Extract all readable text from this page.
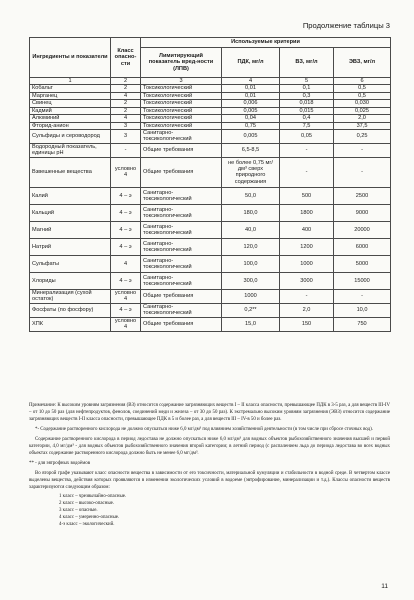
Продолжение таблицы 3
Ингредиенты и показатели	Класс опасно-сти	Используемые критерии			
		Лимитирующий показатель вред-ности (ЛПВ)	ПДК, мг/л	ВЗ, мг/л	ЭВЗ, мг/л
1	2	3	4	5	6
Кобальт	2	Токсикологический	0,01	0,1	0,5
Марганец	4	Токсикологический	0,01	0,3	0,5
Свинец	2	Токсикологический	0,006	0,018	0,030
Кадмий	2	Токсикологический	0,005	0,015	0,025
Алюминий	4	Токсикологический	0,04	0,4	2,0
Фторид-анион	3	Токсикологический	0,75	7,5	37,5
Сульфиды и сероводород	3	Санитарно-токсикологический	0,005	0,05	0,25
Водородный показатель, единицы рН	-	Общие требования	6,5-8,5	-	-
Взвешенные вещества	условно 4	Общие требования	не более 0,75 мг/дм³ сверх природного содержания	-	-
Калий	4 – э	Санитарно-токсикологический	50,0	500	2500
Кальций	4 – э	Санитарно-токсикологический	180,0	1800	9000
Магний	4 – э	Санитарно-токсикологический	40,0	400	20000
Натрий	4 – э	Санитарно-токсикологический	120,0	1200	6000
Сульфаты	4	Санитарно-токсикологический	100,0	1000	5000
Хлориды	4 – э	Санитарно-токсикологический	300,0	3000	15000
Минерализация (сухой остаток)	условно 4	Общие требования	1000	-	-
Фосфаты (по фосфору)	4 – э	Санитарно-токсикологический	0,2**	2,0	10,0
ХПК	условно 4	Общие требования	15,0	150	750

Примечание: К высоким уровням загрязнения (ВЗ) относится содержание загрязняющих веществ I – II класса опасности, превышающее ПДК в 3-5 раз, а для веществ III-IV – от 10 до 50 раз (для нефтепродуктов, фенолов, соединений меди и железа – от 30 до 50 раз). К экстремально высоким уровням загрязнения (ЭВЗ) относится содержание загрязняющих веществ I-II класса опасности, превышающее ПДК в 5 и более раз, а для веществ III – IV-в 50 и более раз.

*- Содержание растворенного кислорода не должно опускаться ниже 6,0 мг/дм³ под влиянием хозяйственной деятельности (в том числе при сбросе сточных вод).

Содержание растворенного кислорода в период ледостава не должно опускаться ниже 6,0 мг/дм³ для водных объектов рыбохозяйственного значения высшей и первой категории, 4,0 мг/дм³ - для водных объектов рыбохозяйственного значения второй категории; в летний период (с распалением льда до периода ледостава во всех водных объектах содержание растворенного кислорода должно быть не менее 6,0 мг/дм³.

** - для эвтрофных водоёмов

Во второй графе указывают класс опасности вещества в зависимости от его токсичности, материальной кумуляции и стабильности в водной среде. В четвертом классе выделены вещества, действия которых проявляются в изменении экологических условий в водоеме (эвтрофирование, минерализации и т.д.). Классы опасности веществ характеризуются следующим образом:

1 класс – чрезвычайно-опасные.
2 класс – высоко-опасные.
3 класс – опасные.
4 класс – умеренно-опасные.
4-э класс – экологический.
11
